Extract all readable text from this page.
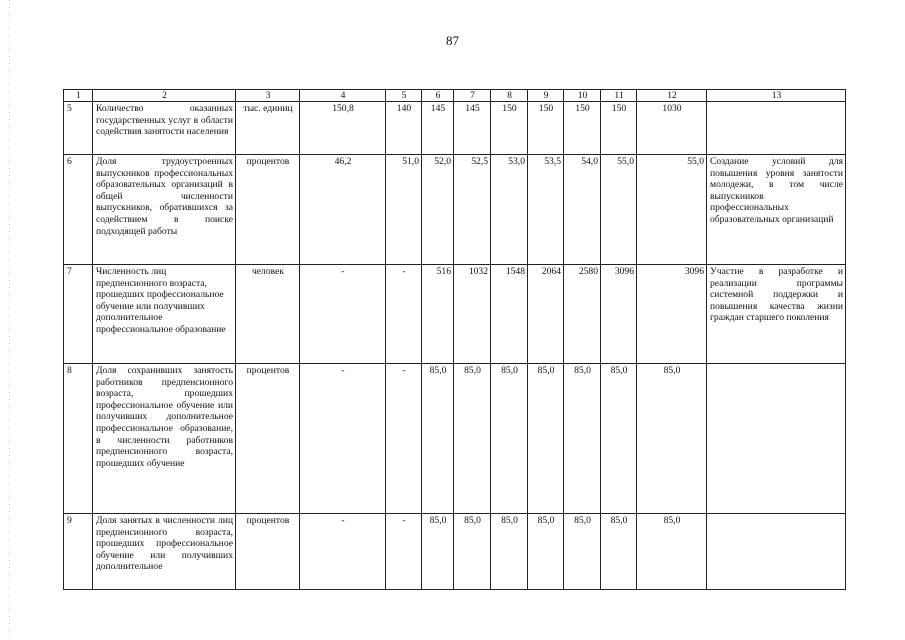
87
1	2	3	4	5	6	7	8	9	10	11	12	13
5	Количество оказанных государственных услуг в области содействия занятости населения	тыс. единиц	150,8	140	145	145	150	150	150	150	1030	
6	Доля трудоустроенных выпускников профессиональных образовательных организаций в общей численности выпускников, обратившихся за содействием в поиске подходящей работы	процентов	46,2	51,0	52,0	52,5	53,0	53,5	54,0	55,0	55,0	Создание условий для повышения уровня занятости молодежи, в том числе выпускников профессиональных образовательных организаций
7	Численность лиц предпенсионного возраста, прошедших профессиональное обучение или получивших дополнительное профессиональное образование	человек	-	-	516	1032	1548	2064	2580	3096	3096	Участие в разработке и реализации программы системной поддержки и повышения качества жизни граждан старшего поколения
8	Доля сохранивших занятость работников предпенсионного возраста, прошедших профессиональное обучение или получивших дополнительное профессиональное образование, в численности работников предпенсионного возраста, прошедших обучение	процентов	-	-	85,0	85,0	85,0	85,0	85,0	85,0	85,0	
9	Доля занятых в численности лиц предпенсионного возраста, прошедших профессиональное обучение или получивших дополнительное	процентов	-	-	85,0	85,0	85,0	85,0	85,0	85,0	85,0	
